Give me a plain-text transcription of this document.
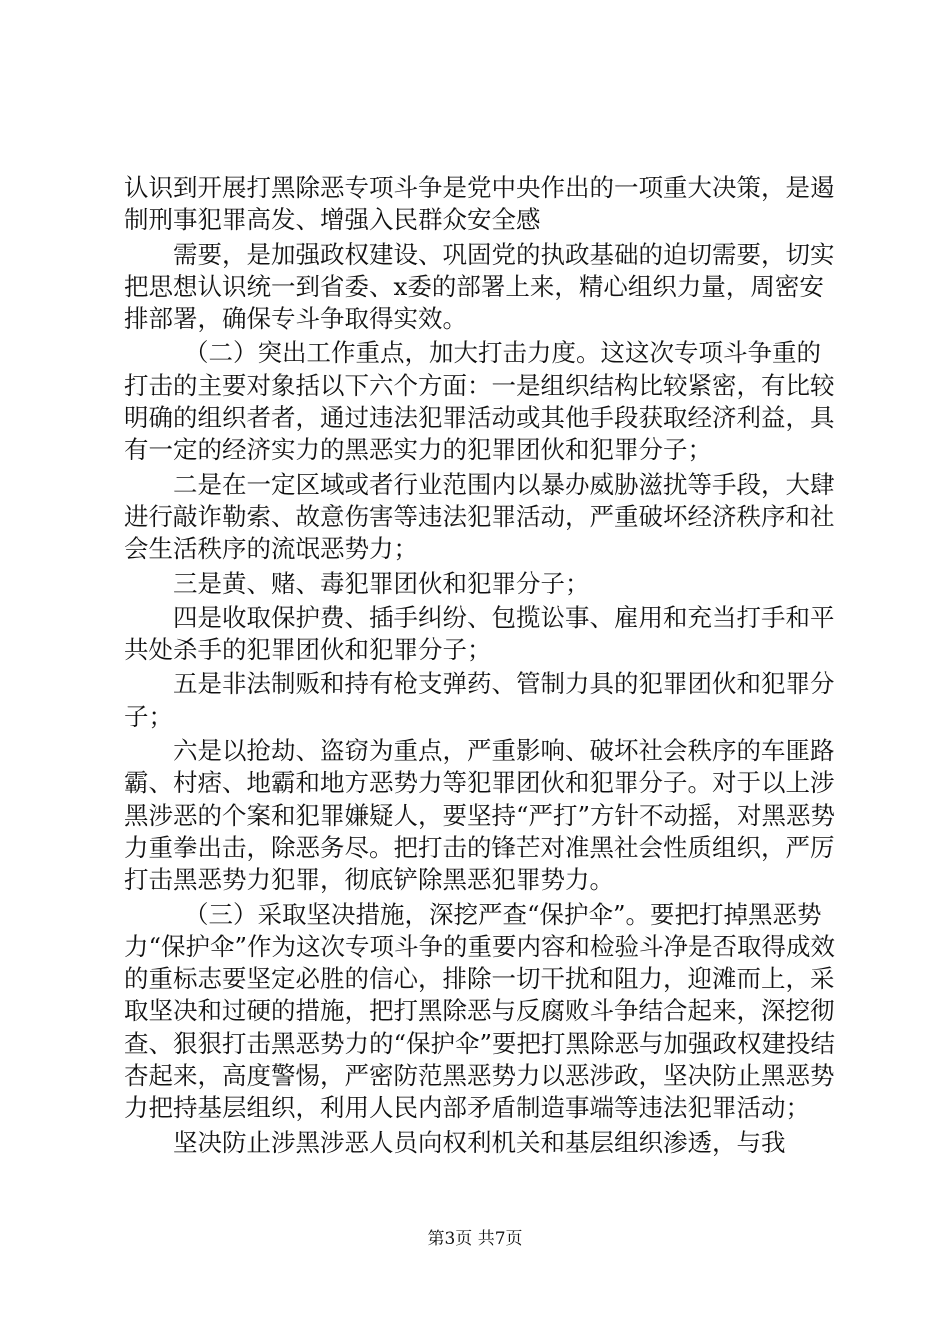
认识到开展打黑除恶专项斗争是党中央作出的一项重大决策，是遏制刑事犯罪高发、增强入民群众安全感

需要，是加强政权建设、巩固党的执政基础的迫切需要，切实把思想认识统一到省委、x委的部署上来，精心组织力量，周密安排部署，确保专斗争取得实效。

（二）突出工作重点，加大打击力度。这这次专项斗争重的打击的主要对象括以下六个方面：一是组织结构比较紧密，有比较明确的组织者者，通过违法犯罪活动或其他手段获取经济利益，具有一定的经济实力的黑恶实力的犯罪团伙和犯罪分子；

二是在一定区域或者行业范围内以暴办威胁滋扰等手段，大肆进行敲诈勒索、故意伤害等违法犯罪活动，严重破坏经济秩序和社会生活秩序的流氓恶势力；

三是黄、赌、毒犯罪团伙和犯罪分子；

四是收取保护费、插手纠纷、包揽讼事、雇用和充当打手和平共处杀手的犯罪团伙和犯罪分子；

五是非法制贩和持有枪支弹药、管制力具的犯罪团伙和犯罪分子；

六是以抢劫、盗窃为重点，严重影响、破坏社会秩序的车匪路霸、村痞、地霸和地方恶势力等犯罪团伙和犯罪分子。对于以上涉黑涉恶的个案和犯罪嫌疑人，要坚持“严打”方针不动摇，对黑恶势力重拳出击，除恶务尽。把打击的锋芒对准黑社会性质组织，严厉打击黑恶势力犯罪，彻底铲除黑恶犯罪势力。

（三）采取坚决措施，深挖严查“保护伞”。要把打掉黑恶势力“保护伞”作为这次专项斗争的重要内容和检验斗净是否取得成效的重标志要坚定必胜的信心，排除一切干扰和阻力，迎滩而上，采取坚决和过硬的措施，把打黑除恶与反腐败斗争结合起来，深挖彻查、狠狠打击黑恶势力的“保护伞”要把打黑除恶与加强政权建投结杏起来，高度警惕，严密防范黑恶势力以恶涉政，坚决防止黑恶势力把持基层组织，利用人民内部矛盾制造事端等违法犯罪活动；

坚决防止涉黑涉恶人员向权利机关和基层组织渗透，与我

第3页 共7页
